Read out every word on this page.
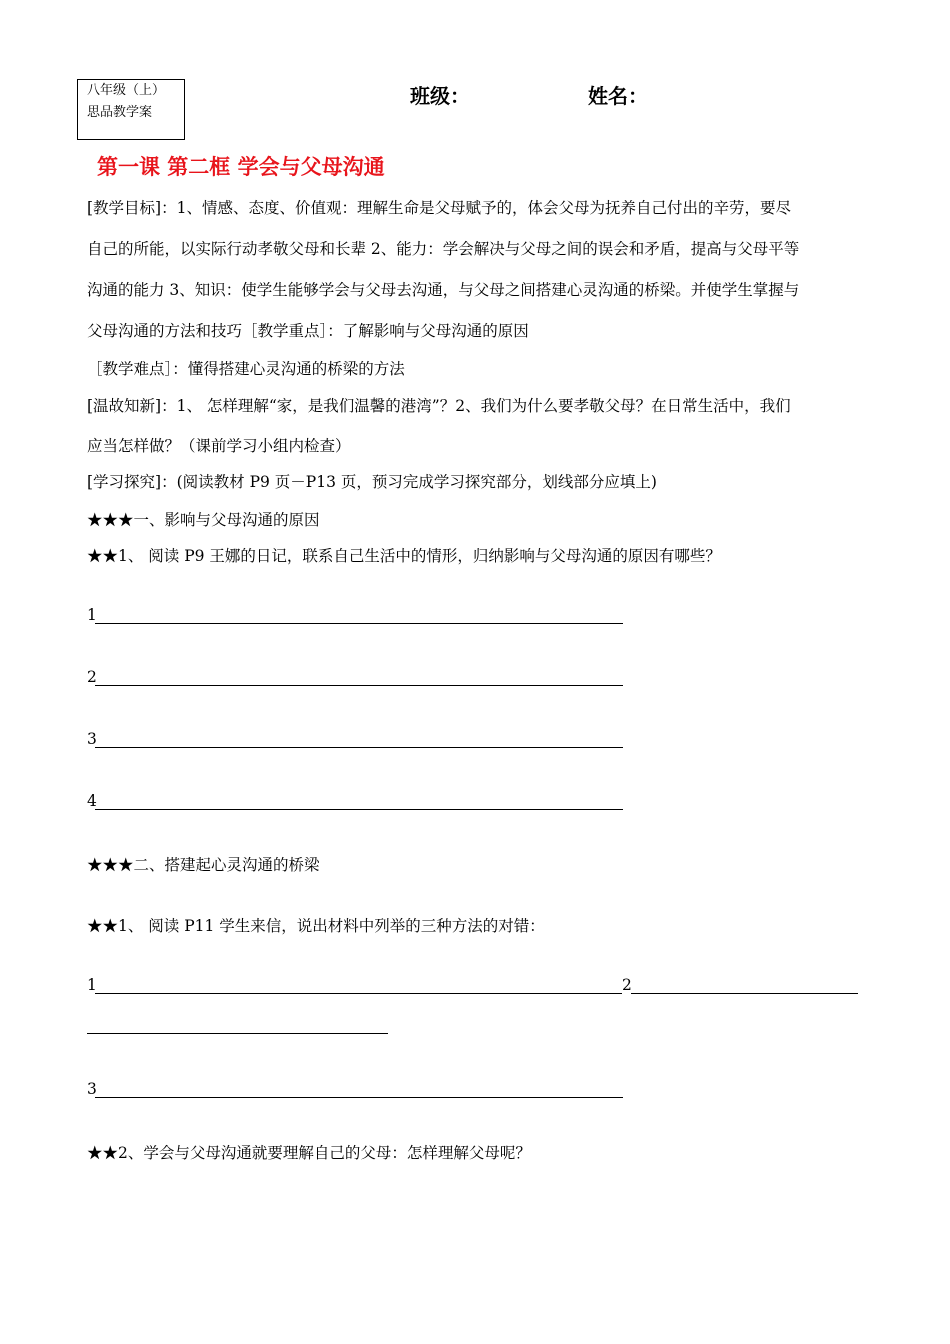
八年级（上）
思品教学案
班级：	姓名：
第一课 第二框 学会与父母沟通
[教学目标]：1、情感、态度、价值观：理解生命是父母赋予的，体会父母为抚养自己付出的辛劳，要尽
自己的所能，以实际行动孝敬父母和长辈 2、能力：学会解决与父母之间的误会和矛盾，提高与父母平等
沟通的能力 3、知识：使学生能够学会与父母去沟通，与父母之间搭建心灵沟通的桥梁。并使学生掌握与
父母沟通的方法和技巧［教学重点］：了解影响与父母沟通的原因
［教学难点］：懂得搭建心灵沟通的桥梁的方法
[温故知新]：1、 怎样理解“家，是我们温馨的港湾”？2、我们为什么要孝敬父母？在日常生活中，我们
应当怎样做？（课前学习小组内检查）
[学习探究]：(阅读教材 P9 页－P13 页，预习完成学习探究部分，划线部分应填上)
★★★一、影响与父母沟通的原因
★★1、 阅读 P9 王娜的日记，联系自己生活中的情形，归纳影响与父母沟通的原因有哪些？
1
2
3
4
★★★二、搭建起心灵沟通的桥梁
★★1、 阅读 P11 学生来信，说出材料中列举的三种方法的对错：
1	2
3
★★2、学会与父母沟通就要理解自己的父母：怎样理解父母呢？
